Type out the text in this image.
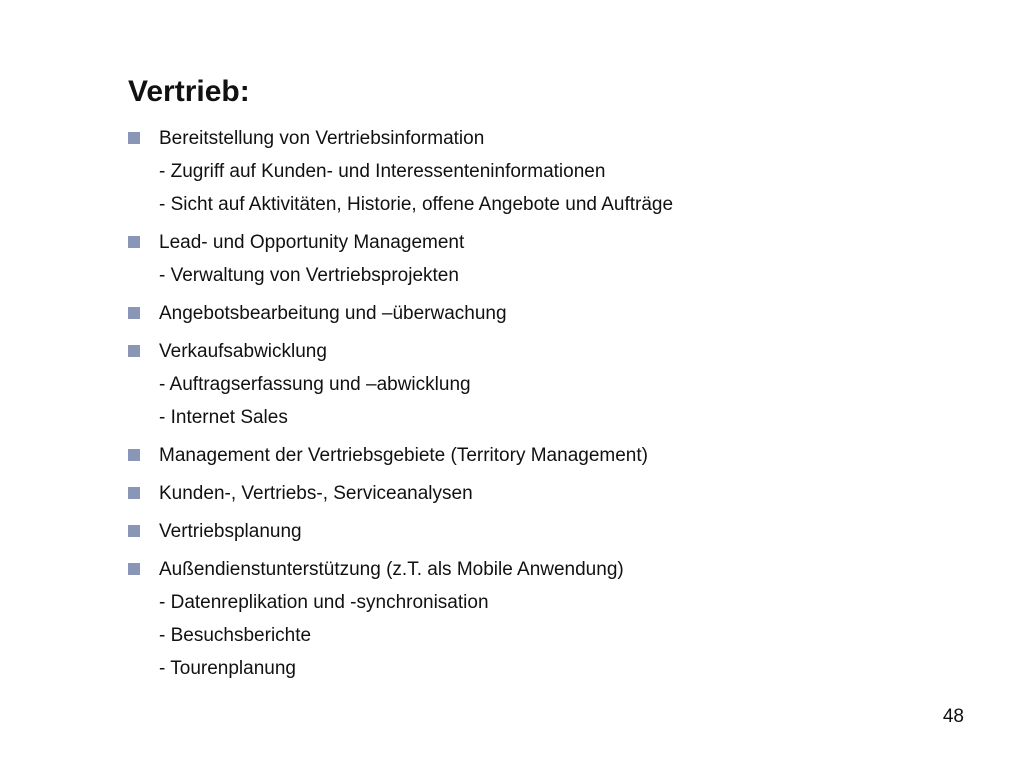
Vertrieb:
Bereitstellung von Vertriebsinformation
- Zugriff auf Kunden- und Interessenteninformationen
- Sicht auf Aktivitäten, Historie, offene Angebote und Aufträge
Lead- und Opportunity Management
- Verwaltung von Vertriebsprojekten
Angebotsbearbeitung und –überwachung
Verkaufsabwicklung
- Auftragserfassung und –abwicklung
- Internet Sales
Management der Vertriebsgebiete (Territory Management)
Kunden-, Vertriebs-, Serviceanalysen
Vertriebsplanung
Außendienstunterstützung (z.T. als Mobile Anwendung)
- Datenreplikation und -synchronisation
- Besuchsberichte
- Tourenplanung
48
